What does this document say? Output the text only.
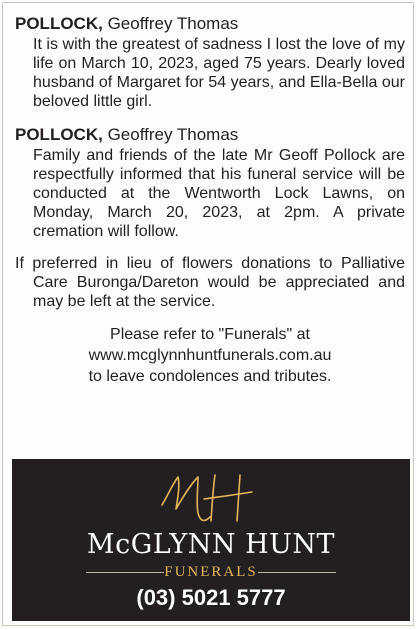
POLLOCK, Geoffrey Thomas

It is with the greatest of sadness I lost the love of my life on March 10, 2023, aged 75 years. Dearly loved husband of Margaret for 54 years, and Ella-Bella our beloved little girl.

POLLOCK, Geoffrey Thomas

Family and friends of the late Mr Geoff Pollock are respectfully informed that his funeral service will be conducted at the Wentworth Lock Lawns, on Monday, March 20, 2023, at 2pm. A private cremation will follow.

If preferred in lieu of flowers donations to Palliative Care Buronga/Dareton would be appreciated and may be left at the service.

Please refer to "Funerals" at

www.mcglynnhuntfunerals.com.au

to leave condolences and tributes.

McGLYNN HUNT
FUNERALS
(03) 5021 5777
